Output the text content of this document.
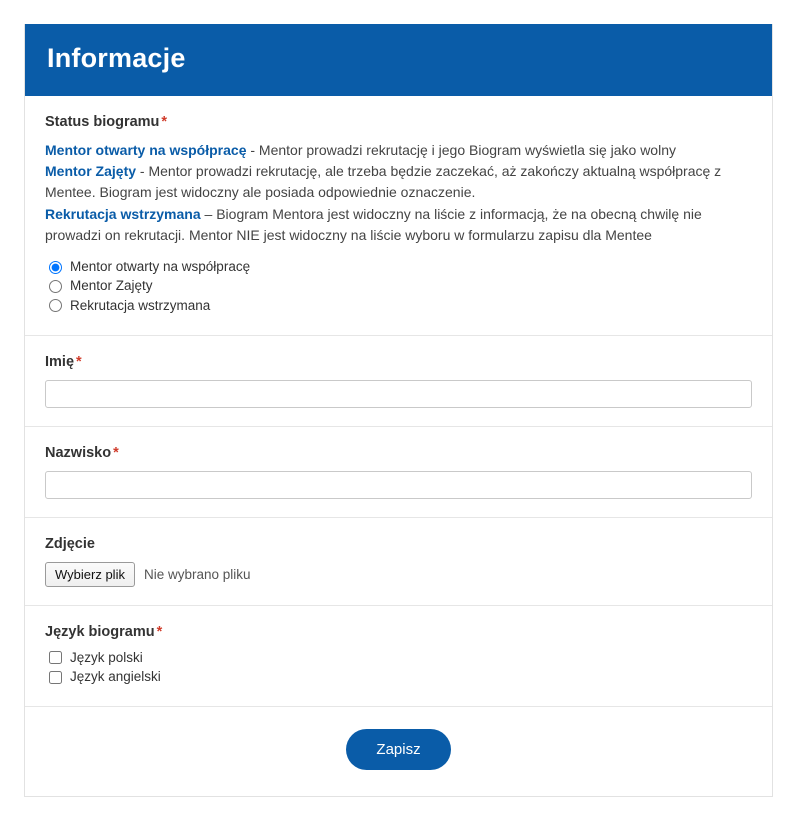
Informacje
Status biogramu *

Mentor otwarty na współpracę - Mentor prowadzi rekrutację i jego Biogram wyświetla się jako wolny

Mentor Zajęty - Mentor prowadzi rekrutację, ale trzeba będzie zaczekać, aż zakończy aktualną współpracę z Mentee. Biogram jest widoczny ale posiada odpowiednie oznaczenie.

Rekrutacja wstrzymana – Biogram Mentora jest widoczny na liście z informacją, że na obecną chwilę nie prowadzi on rekrutacji. Mentor NIE jest widoczny na liście wyboru w formularzu zapisu dla Mentee

Mentor otwarty na współpracę
Mentor Zajęty
Rekrutacja wstrzymana
Imię *
Nazwisko *
Zdjęcie
Wybierz plik	Nie wybrano pliku
Język biogramu *
Język polski
Język angielski
Zapisz
